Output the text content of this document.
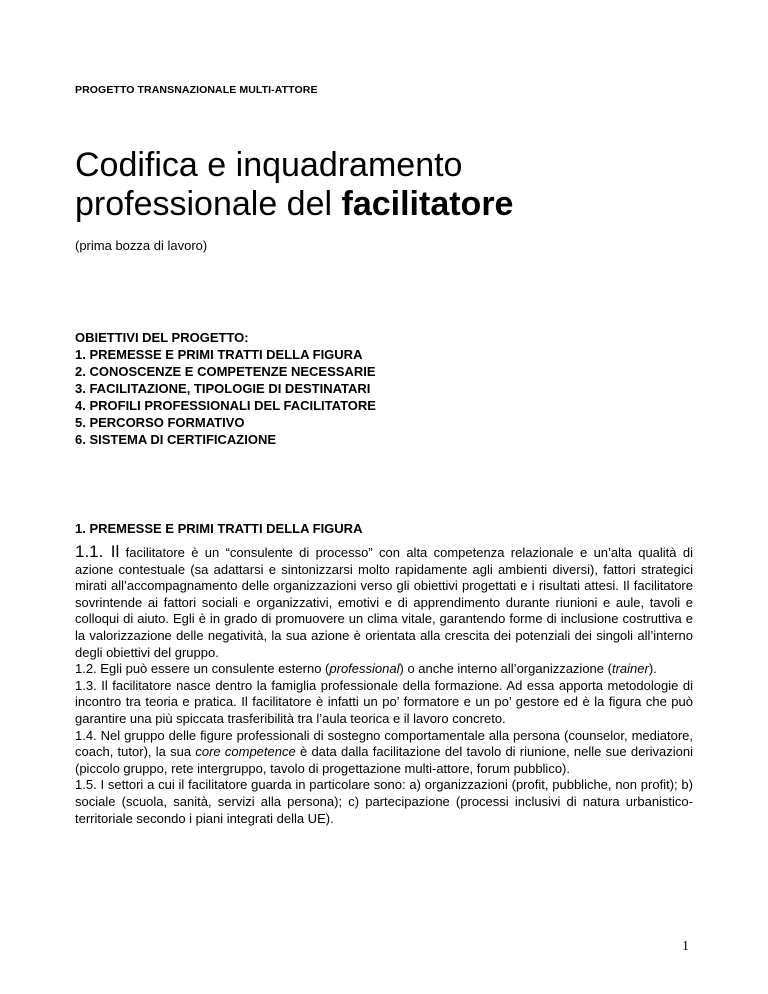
PROGETTO TRANSNAZIONALE MULTI-ATTORE
Codifica e inquadramento
professionale del facilitatore
(prima bozza di lavoro)
OBIETTIVI DEL PROGETTO:
1. PREMESSE E PRIMI TRATTI DELLA FIGURA
2. CONOSCENZE E COMPETENZE NECESSARIE
3. FACILITAZIONE, TIPOLOGIE DI DESTINATARI
4. PROFILI PROFESSIONALI DEL FACILITATORE
5. PERCORSO FORMATIVO
6. SISTEMA DI CERTIFICAZIONE
1. PREMESSE E PRIMI TRATTI DELLA FIGURA

1.1. Il facilitatore è un “consulente di processo” con alta competenza relazionale e un’alta qualità di azione contestuale (sa adattarsi e sintonizzarsi molto rapidamente agli ambienti diversi), fattori strategici mirati all’accompagnamento delle organizzazioni verso gli obiettivi progettati e i risultati attesi. Il facilitatore sovrintende ai fattori sociali e organizzativi, emotivi e di apprendimento durante riunioni e aule, tavoli e colloqui di aiuto. Egli è in grado di promuovere un clima vitale, garantendo forme di inclusione costruttiva e la valorizzazione delle negatività, la sua azione è orientata alla crescita dei potenziali dei singoli all’interno degli obiettivi del gruppo.

1.2. Egli può essere un consulente esterno (professional) o anche interno all’organizzazione (trainer).

1.3. Il facilitatore nasce dentro la famiglia professionale della formazione. Ad essa apporta metodologie di incontro tra teoria e pratica. Il facilitatore è infatti un po’ formatore e un po’ gestore ed è la figura che può garantire una più spiccata trasferibilità tra l’aula teorica e il lavoro concreto.

1.4. Nel gruppo delle figure professionali di sostegno comportamentale alla persona (counselor, mediatore, coach, tutor), la sua core competence è data dalla facilitazione del tavolo di riunione, nelle sue derivazioni (piccolo gruppo, rete intergruppo, tavolo di progettazione multi-attore, forum pubblico).

1.5. I settori a cui il facilitatore guarda in particolare sono: a) organizzazioni (profit, pubbliche, non profit); b) sociale (scuola, sanità, servizi alla persona); c) partecipazione (processi inclusivi di natura urbanistico-territoriale secondo i piani integrati della UE).

1
